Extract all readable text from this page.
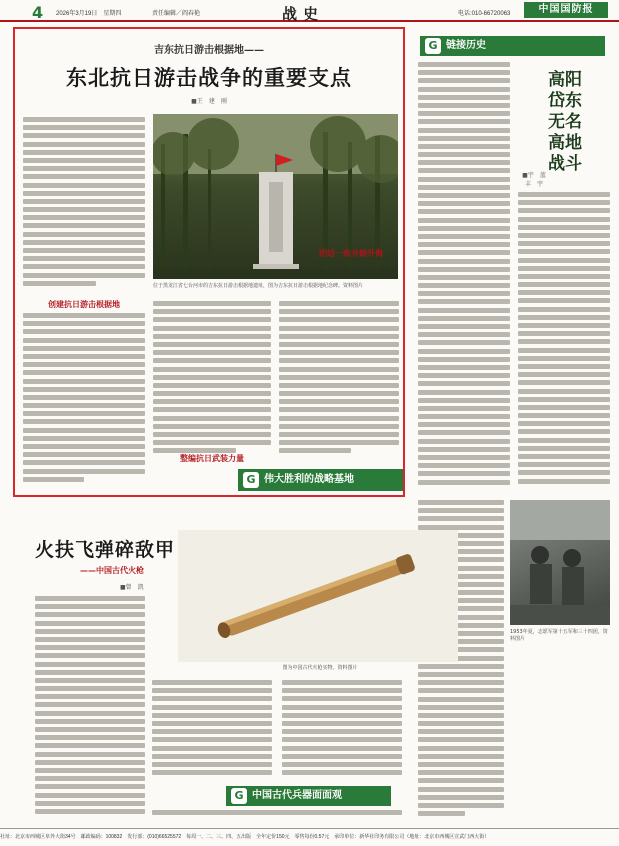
4 2026年3月19日　星期四	责任编辑／阎春艳	战史	电话:010-66720063	中国国防报
吉东抗日游击根据地——
东北抗日游击战争的重要支点
■王　建　刚
位于黑龙江省七台河市的吉东抗日游击根据地遗址，图为吉东抗日游击根据地纪念碑。资料图片
创建抗日游击根据地
整编抗日武装力量
G 伟大胜利的战略基地
团结一致共御外侮
G 链接历史
高阳岱东无名高地战斗
■宇　蓝　丰　宇
1953年夏，志愿军第十五军和三十四团，资料图片
火扶飞弹碎敌甲
——中国古代火枪
■曾　凯
图为中国古代火枪实物。资料图片
G 中国古代兵器面面观
社址：北京市西城区阜外大街34号　邮政编码：100832　发行部：(010)66525572　每周一、二、三、四、五出版　全年定价150元　零售每份0.57元　承印单位：新华社印务有限公司（地址：北京市西城区宣武门西大街）
